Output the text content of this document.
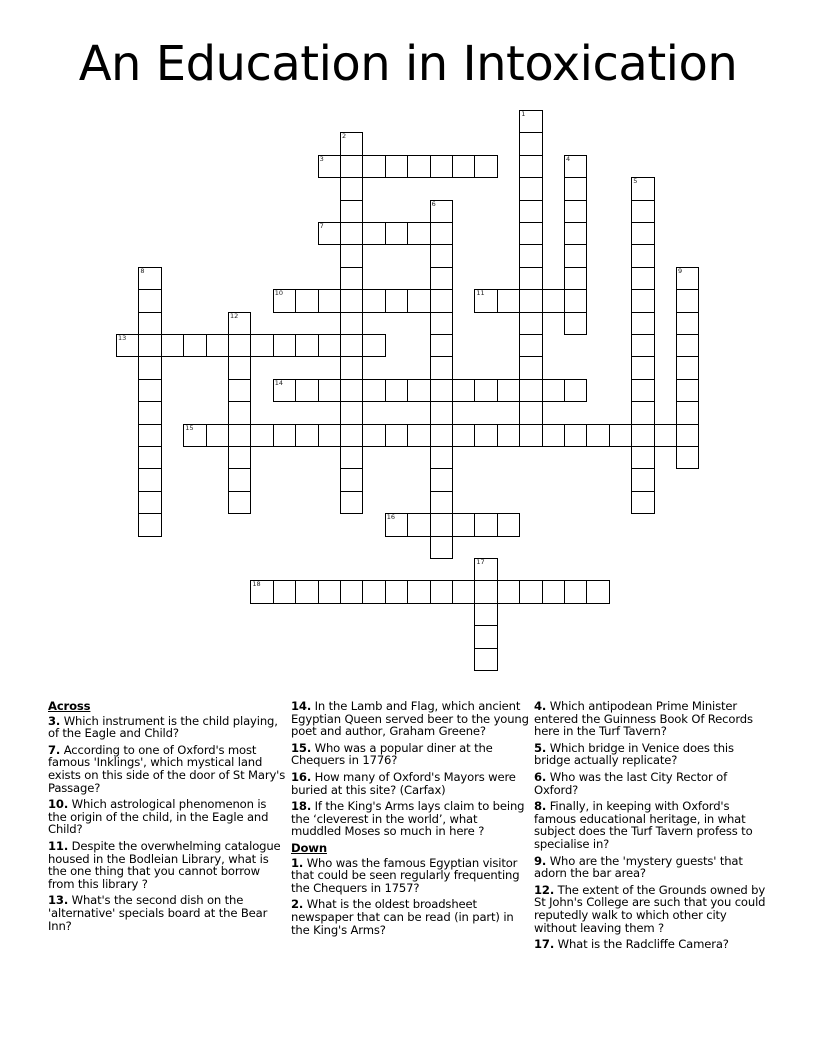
An Education in Intoxication
1
2
3	4
5
6
7
8	9
10	11
12
13
14
15
16
17
18
Across
3. Which instrument is the child playing, of the Eagle and Child?
7. According to one of Oxford's most famous 'Inklings', which mystical land exists on this side of the door of St Mary's Passage?
10. Which astrological phenomenon is the origin of the child, in the Eagle and Child?
11. Despite the overwhelming catalogue housed in the Bodleian Library, what is the one thing that you cannot borrow from this library ?
13. What's the second dish on the 'alternative' specials board at the Bear Inn?
14. In the Lamb and Flag, which ancient Egyptian Queen served beer to the young poet and author, Graham Greene?
15. Who was a popular diner at the Chequers in 1776?
16. How many of Oxford's Mayors were buried at this site? (Carfax)
18. If the King's Arms lays claim to being the ‘cleverest in the world’, what muddled Moses so much in here ?
Down
1. Who was the famous Egyptian visitor that could be seen regularly frequenting the Chequers in 1757?
2. What is the oldest broadsheet newspaper that can be read (in part) in the King's Arms?
4. Which antipodean Prime Minister entered the Guinness Book Of Records here in the Turf Tavern?
5. Which bridge in Venice does this bridge actually replicate?
6. Who was the last City Rector of Oxford?
8. Finally, in keeping with Oxford's famous educational heritage, in what subject does the Turf Tavern profess to specialise in?
9. Who are the 'mystery guests' that adorn the bar area?
12. The extent of the Grounds owned by St John's College are such that you could reputedly walk to which other city without leaving them ?
17. What is the Radcliffe Camera?
